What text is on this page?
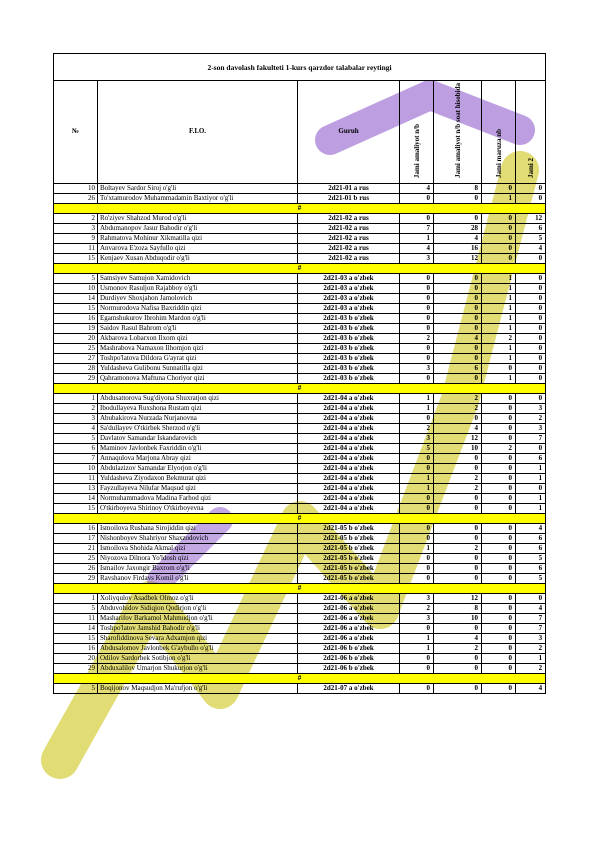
2-son davolash fakulteti 1-kurs qarzdor talabalar reytingi						
№	F.I.O.	Guruh	Jami amaliyot n/b	Jami amaliyot n/b soat hisobida	Jami maruza nb	Jami 2
10	Boltayev Sardor Siroj o'g'li	2d21-01 a rus	4	8	0	0
26	To'xtamurodov Muhammadamin Baxtiyor o'g'li	2d21-01 b rus	0	0	1	0
#						
2	Ro'ziyev Shahzod Murod o'g'li	2d21-02 a rus	0	0	0	12
3	Abdumanopov Jasur Bahodir o'g'li	2d21-02 a rus	7	28	0	6
9	Rahmatova Mohinur Xikmatilla qizi	2d21-02 a rus	1	4	0	5
11	Anvarova E'zoza Sayfullo qizi	2d21-02 a rus	4	16	0	4
15	Kenjaev Xusan Abduqodir o'g'li	2d21-02 a rus	3	12	0	0
#						
5	Samsiyev Samujon Xamidovich	2d21-03 a o'zbek	0	0	1	0
10	Usmonov Rasuljon Rajabboy o'g'li	2d21-03 a o'zbek	0	0	1	0
14	Durdiyev Shoxjahon Jamolovich	2d21-03 a o'zbek	0	0	1	0
15	Normurodova Nafisa Baxriddin qizi	2d21-03 a o'zbek	0	0	1	0
16	Egamshukurov Ibrohim Mardon o'g'li	2d21-03 b o'zbek	0	0	1	0
19	Saidov Rasul Bahrom o'g'li	2d21-03 b o'zbek	0	0	1	0
20	Akbarova Lobarxon Ilxom qizi	2d21-03 b o'zbek	2	4	2	0
25	Mashrabova Namaxon Ilhomjon qizi	2d21-03 b o'zbek	0	0	1	0
27	Toshpo'latova Dildora G'ayrat qizi	2d21-03 b o'zbek	0	0	1	0
28	Yuldasheva Gulibonu Sunnatilla qizi	2d21-03 b o'zbek	3	6	0	0
29	Qahramonova Maftuna Choriyor qizi	2d21-03 b o'zbek	0	0	1	0
#						
1	Abdusattorova Sug'diyona Shuxratjon qizi	2d21-04 a o'zbek	1	2	0	0
2	Ibodullayeva Ruxshona Rustam qizi	2d21-04 a o'zbek	1	2	0	3
3	Abubakirova Nurzada Nurjanovna	2d21-04 a o'zbek	0	0	0	2
4	Sa'dullayev O'tkirbek Sherzod o'g'li	2d21-04 a o'zbek	2	4	0	3
5	Davlatov Samandar Iskandarovich	2d21-04 a o'zbek	3	12	0	7
6	Maminov Javlonbek Faxriddin o'g'li	2d21-04 a o'zbek	5	10	2	0
7	Annaqulova Marjona Abray qizi	2d21-04 a o'zbek	0	0	0	6
10	Abdulazizov Samandar Elyorjon o'g'li	2d21-04 a o'zbek	0	0	0	1
11	Yuldasheva Ziyodaxon Bekmurat qizi	2d21-04 a o'zbek	1	2	0	1
13	Fayzullayeva Nilufar Maqsud qizi	2d21-04 a o'zbek	1	2	0	0
14	Normuhammadova Madina Farhod qizi	2d21-04 a o'zbek	0	0	0	1
15	O'tkirboyeva Shirinoy O'tkirboyevna	2d21-04 a o'zbek	0	0	0	1
#						
16	Ismoilova Rushana Sirojiddin qizi	2d21-05 b o'zbek	0	0	0	4
17	Nishonboyev Shahriyor Shaxzodovich	2d21-05 b o'zbek	0	0	0	6
21	Ismoilova Shohida Akmal qizi	2d21-05 b o'zbek	1	2	0	6
25	Niyozova Dilnora Yo'ldosh qizi	2d21-05 b o'zbek	0	0	0	5
26	Ismailov Jaxongir Baxrom o'g'li	2d21-05 b o'zbek	0	0	0	6
29	Ravshanov Firdavs Komil o'g'li	2d21-05 b o'zbek	0	0	0	5
#						
1	Xoliyqulov Asadbek Olmoz o'g'li	2d21-06 a o'zbek	3	12	0	0
5	Abduvohidov Sidiqjon Qodirjon o'g'li	2d21-06 a o'zbek	2	8	0	4
11	Masharifov Barkamol Mahmudjon o'g'li	2d21-06 a o'zbek	3	10	0	7
14	Toshpo'latov Jamshid Bahodir o'g'li	2d21-06 a o'zbek	0	0	0	7
15	Sharofiddinova Sevara Adxamjon qizi	2d21-06 a o'zbek	1	4	0	3
16	Abdusalomov Javlonbek G'aybullo o'g'li	2d21-06 b o'zbek	1	2	0	2
20	Odilov Sardorbek Sotibjon o'g'li	2d21-06 b o'zbek	0	0	0	1
29	Abduxalilov Umarjon Shukurjon o'g'li	2d21-06 b o'zbek	0	0	0	2
#						
5	Boqijonov Maqsudjon Ma'rufjon o'g'li	2d21-07 a o'zbek	0	0	0	4
